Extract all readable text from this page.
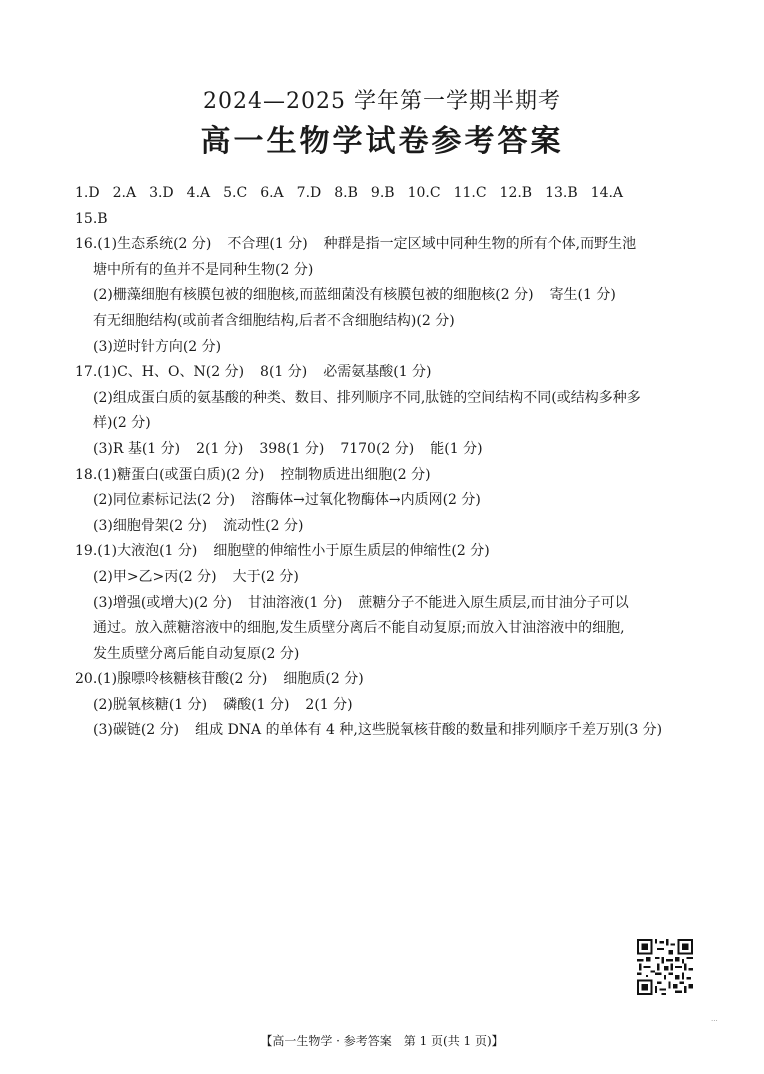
2024—2025 学年第一学期半期考
高一生物学试卷参考答案
1.D 2.A 3.D 4.A 5.C 6.A 7.D 8.B 9.B 10.C 11.C 12.B 13.B 14.A
15.B
16.(1)生态系统(2 分) 不合理(1 分) 种群是指一定区域中同种生物的所有个体,而野生池
塘中所有的鱼并不是同种生物(2 分)
(2)栅藻细胞有核膜包被的细胞核,而蓝细菌没有核膜包被的细胞核(2 分) 寄生(1 分)
有无细胞结构(或前者含细胞结构,后者不含细胞结构)(2 分)
(3)逆时针方向(2 分)
17.(1)C、H、O、N(2 分) 8(1 分) 必需氨基酸(1 分)
(2)组成蛋白质的氨基酸的种类、数目、排列顺序不同,肽链的空间结构不同(或结构多种多
样)(2 分)
(3)R 基(1 分) 2(1 分) 398(1 分) 7170(2 分) 能(1 分)
18.(1)糖蛋白(或蛋白质)(2 分) 控制物质进出细胞(2 分)
(2)同位素标记法(2 分) 溶酶体→过氧化物酶体→内质网(2 分)
(3)细胞骨架(2 分) 流动性(2 分)
19.(1)大液泡(1 分) 细胞壁的伸缩性小于原生质层的伸缩性(2 分)
(2)甲>乙>丙(2 分) 大于(2 分)
(3)增强(或增大)(2 分) 甘油溶液(1 分) 蔗糖分子不能进入原生质层,而甘油分子可以
通过。放入蔗糖溶液中的细胞,发生质壁分离后不能自动复原;而放入甘油溶液中的细胞,
发生质壁分离后能自动复原(2 分)
20.(1)腺嘌呤核糖核苷酸(2 分) 细胞质(2 分)
(2)脱氧核糖(1 分) 磷酸(1 分) 2(1 分)
(3)碳链(2 分) 组成 DNA 的单体有 4 种,这些脱氧核苷酸的数量和排列顺序千差万别(3 分)
...
【高一生物学 · 参考答案　第 1 页(共 1 页)】
